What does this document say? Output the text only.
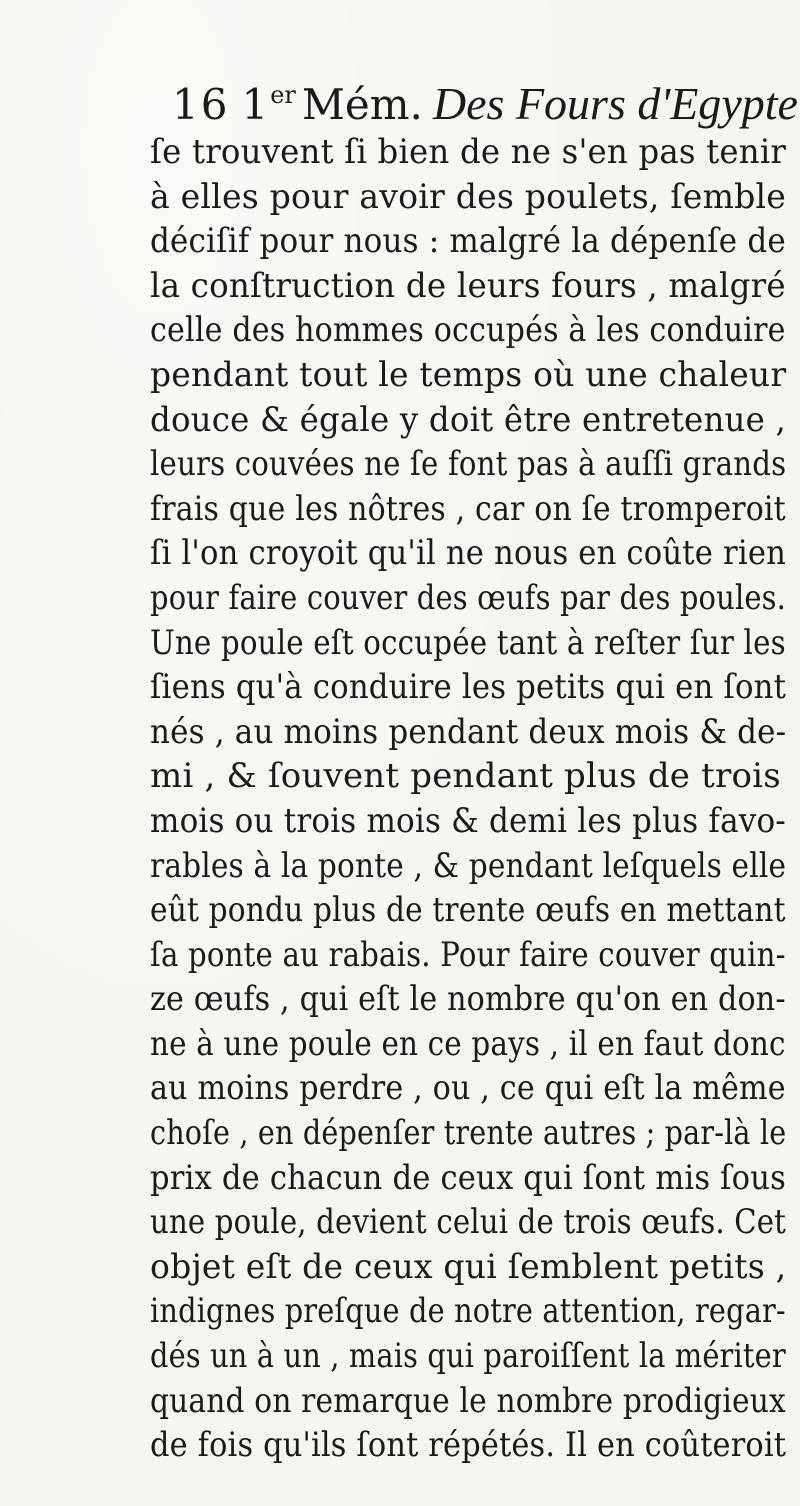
16 1er Mém. Des Fours d'Egypte
ſe trouvent ſi bien de ne s'en pas tenir
à elles pour avoir des poulets, ſemble
déciſif pour nous : malgré la dépenſe de
la conſtruction de leurs fours , malgré
celle des hommes occupés à les conduire
pendant tout le temps où une chaleur
douce & égale y doit être entretenue ,
leurs couvées ne ſe font pas à auſſi grands
frais que les nôtres , car on ſe tromperoit
ſi l'on croyoit qu'il ne nous en coûte rien
pour faire couver des œufs par des poules.
Une poule eſt occupée tant à reſter ſur les
ſiens qu'à conduire les petits qui en ſont
nés , au moins pendant deux mois & de-
mi , & ſouvent pendant plus de trois
mois ou trois mois & demi les plus favo-
rables à la ponte , & pendant leſquels elle
eût pondu plus de trente œufs en mettant
ſa ponte au rabais. Pour faire couver quin-
ze œufs , qui eſt le nombre qu'on en don-
ne à une poule en ce pays , il en faut donc
au moins perdre , ou , ce qui eſt la même
choſe , en dépenſer trente autres ; par-là le
prix de chacun de ceux qui ſont mis ſous
une poule, devient celui de trois œufs. Cet
objet eſt de ceux qui ſemblent petits ,
indignes preſque de notre attention, regar-
dés un à un , mais qui paroiſſent la mériter
quand on remarque le nombre prodigieux
de fois qu'ils ſont répétés. Il en coûteroit
